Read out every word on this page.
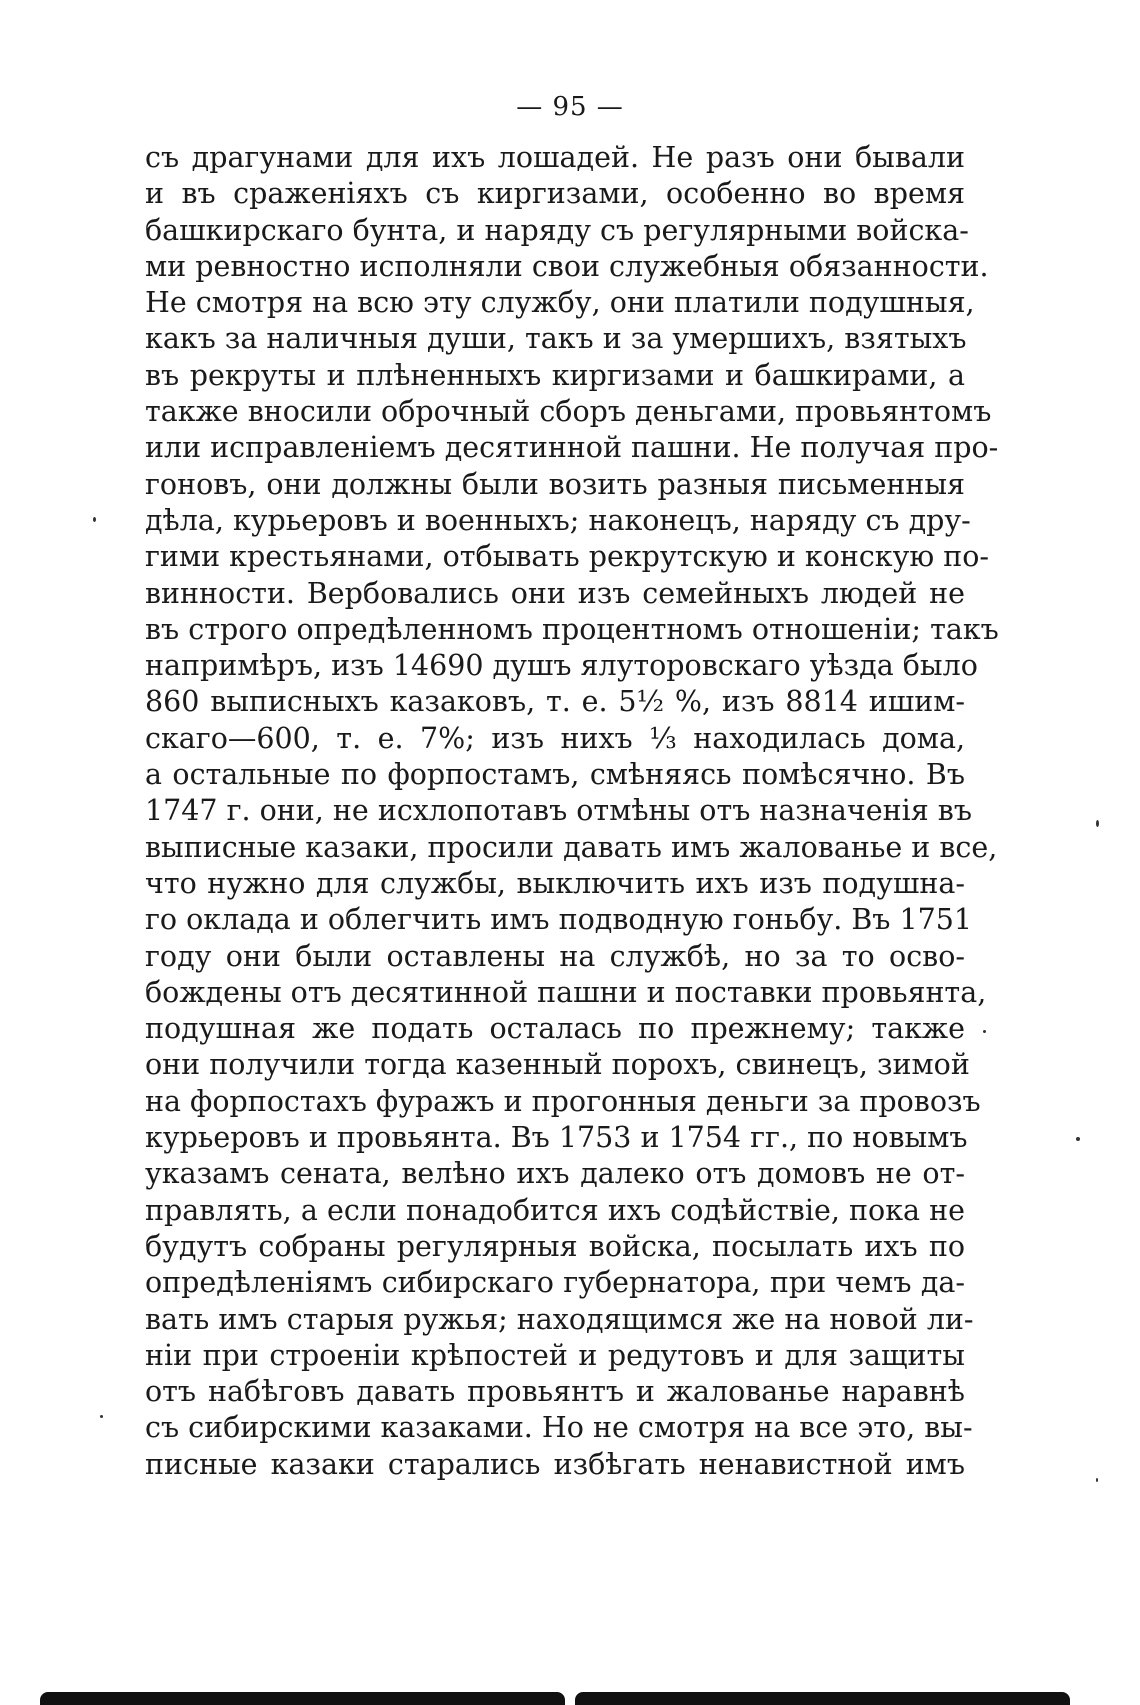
— 95 —
съ драгунами для ихъ лошадей. Не разъ они бывали
и въ сраженіяхъ съ киргизами, особенно во время
башкирскаго бунта, и наряду съ регулярными войска-
ми ревностно исполняли свои служебныя обязанности.
Не смотря на всю эту службу, они платили подушныя,
какъ за наличныя души, такъ и за умершихъ, взятыхъ
въ рекруты и плѣненныхъ киргизами и башкирами, а
также вносили оброчный сборъ деньгами, провьянтомъ
или исправленіемъ десятинной пашни. Не получая про-
гоновъ, они должны были возить разныя письменныя
дѣла, курьеровъ и военныхъ; наконецъ, наряду съ дру-
гими крестьянами, отбывать рекрутскую и конскую по-
винности. Вербовались они изъ семейныхъ людей не
въ строго опредѣленномъ процентномъ отношеніи; такъ
напримѣръ, изъ 14690 душъ ялуторовскаго уѣзда было
860 выписныхъ казаковъ, т. е. 5½ %, изъ 8814 ишим-
скаго—600, т. е. 7%; изъ нихъ ⅓ находилась дома,
а остальные по форпостамъ, смѣняясь помѣсячно. Въ
1747 г. они, не исхлопотавъ отмѣны отъ назначенія въ
выписные казаки, просили давать имъ жалованье и все,
что нужно для службы, выключить ихъ изъ подушна-
го оклада и облегчить имъ подводную гоньбу. Въ 1751
году они были оставлены на службѣ, но за то осво-
бождены отъ десятинной пашни и поставки провьянта,
подушная же подать осталась по прежнему; также
они получили тогда казенный порохъ, свинецъ, зимой
на форпостахъ фуражъ и прогонныя деньги за провозъ
курьеровъ и провьянта. Въ 1753 и 1754 гг., по новымъ
указамъ сената, велѣно ихъ далеко отъ домовъ не от-
правлять, а если понадобится ихъ содѣйствіе, пока не
будутъ собраны регулярныя войска, посылать ихъ по
опредѣленіямъ сибирскаго губернатора, при чемъ да-
вать имъ старыя ружья; находящимся же на новой ли-
ніи при строеніи крѣпостей и редутовъ и для защиты
отъ набѣговъ давать провьянтъ и жалованье наравнѣ
съ сибирскими казаками. Но не смотря на все это, вы-
писные казаки старались избѣгать ненавистной имъ
